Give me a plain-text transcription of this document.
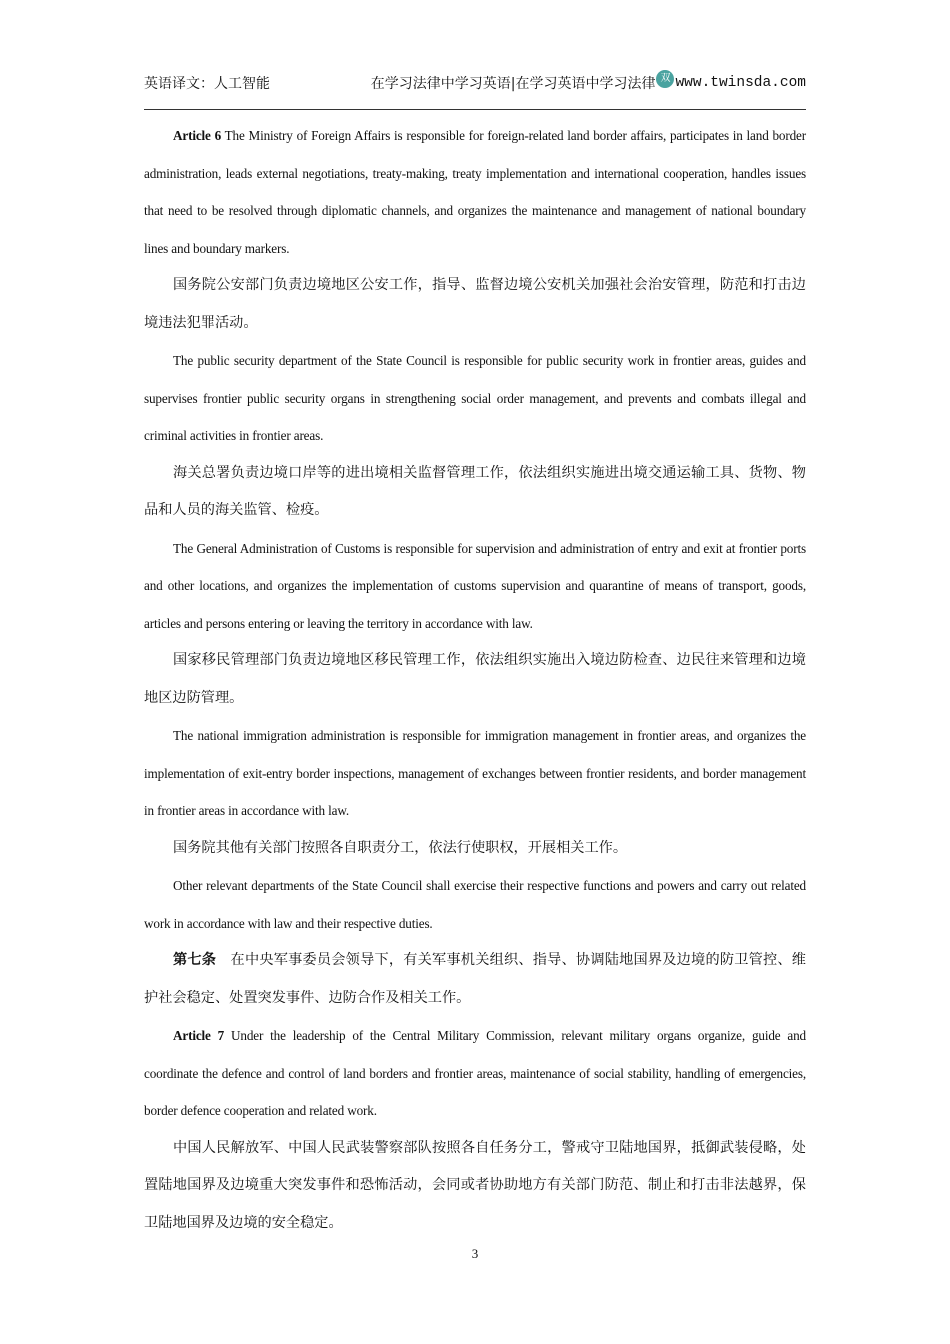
英语译文：人工智能	在学习法律中学习英语|在学习英语中学习法律 双 www.twinsda.com

Article 6 The Ministry of Foreign Affairs is responsible for foreign-related land border affairs, participates in land border administration, leads external negotiations, treaty-making, treaty implementation and international cooperation, handles issues that need to be resolved through diplomatic channels, and organizes the maintenance and management of national boundary lines and boundary markers.

国务院公安部门负责边境地区公安工作，指导、监督边境公安机关加强社会治安管理，防范和打击边境违法犯罪活动。

The public security department of the State Council is responsible for public security work in frontier areas, guides and supervises frontier public security organs in strengthening social order management, and prevents and combats illegal and criminal activities in frontier areas.

海关总署负责边境口岸等的进出境相关监督管理工作，依法组织实施进出境交通运输工具、货物、物品和人员的海关监管、检疫。

The General Administration of Customs is responsible for supervision and administration of entry and exit at frontier ports and other locations, and organizes the implementation of customs supervision and quarantine of means of transport, goods, articles and persons entering or leaving the territory in accordance with law.

国家移民管理部门负责边境地区移民管理工作，依法组织实施出入境边防检查、边民往来管理和边境地区边防管理。

The national immigration administration is responsible for immigration management in frontier areas, and organizes the implementation of exit-entry border inspections, management of exchanges between frontier residents, and border management in frontier areas in accordance with law.

国务院其他有关部门按照各自职责分工，依法行使职权，开展相关工作。

Other relevant departments of the State Council shall exercise their respective functions and powers and carry out related work in accordance with law and their respective duties.

第七条　在中央军事委员会领导下，有关军事机关组织、指导、协调陆地国界及边境的防卫管控、维护社会稳定、处置突发事件、边防合作及相关工作。

Article 7 Under the leadership of the Central Military Commission, relevant military organs organize, guide and coordinate the defence and control of land borders and frontier areas, maintenance of social stability, handling of emergencies, border defence cooperation and related work.

中国人民解放军、中国人民武装警察部队按照各自任务分工，警戒守卫陆地国界，抵御武装侵略，处置陆地国界及边境重大突发事件和恐怖活动，会同或者协助地方有关部门防范、制止和打击非法越界，保卫陆地国界及边境的安全稳定。

3
